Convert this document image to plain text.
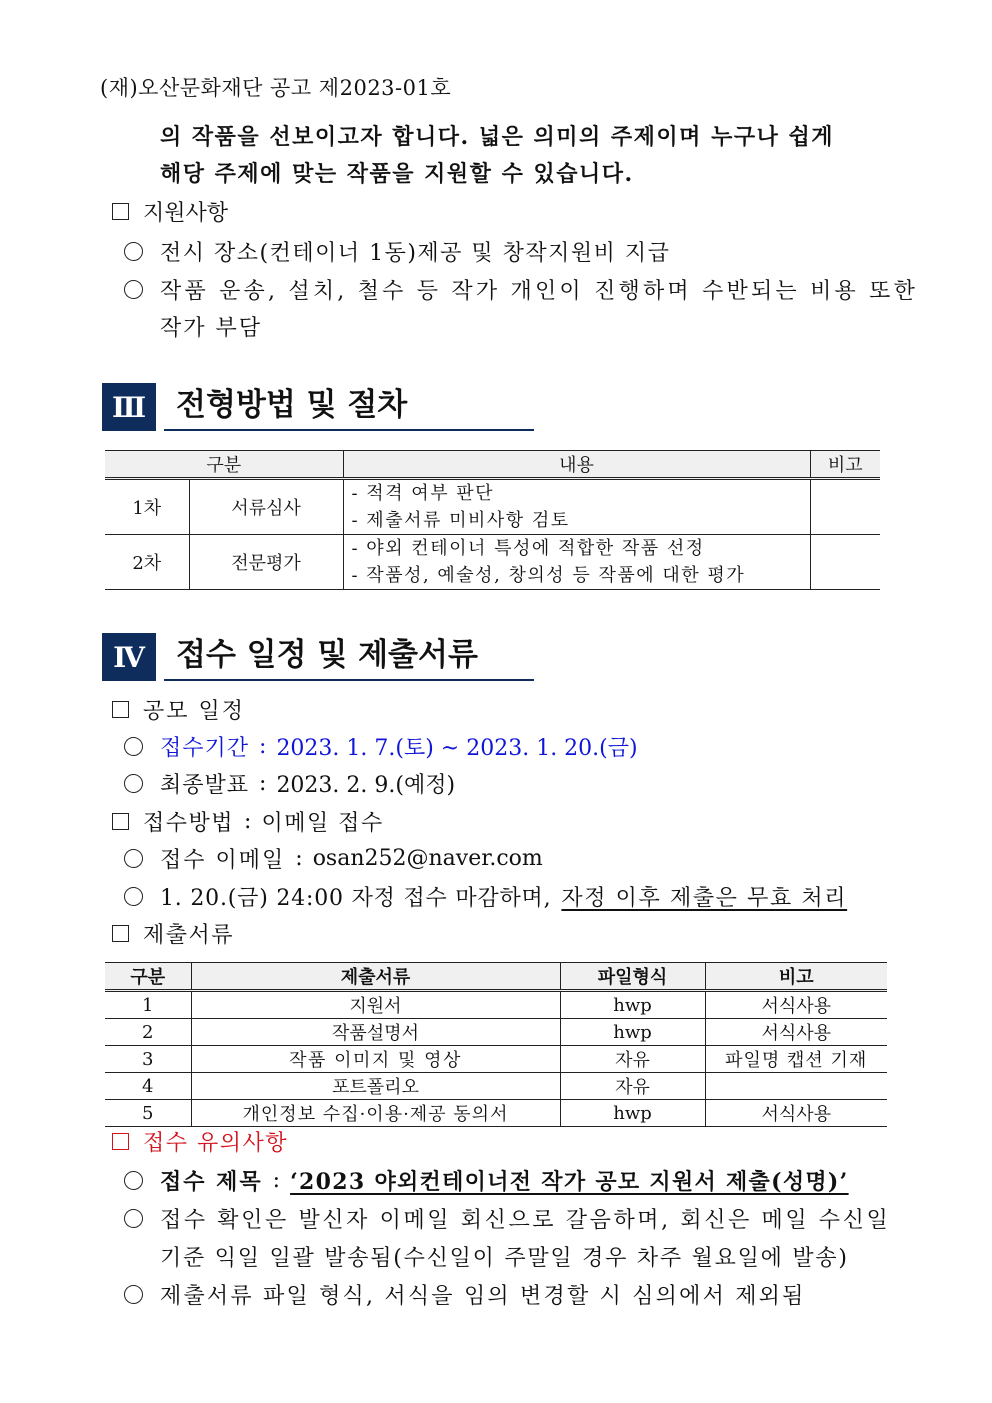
(재)오산문화재단 공고 제2023-01호
의 작품을 선보이고자 합니다. 넓은 의미의 주제이며 누구나 쉽게
해당 주제에 맞는 작품을 지원할 수 있습니다.
지원사항
전시 장소(컨테이너 1동)제공 및 창작지원비 지급
작품 운송, 설치, 철수 등 작가 개인이 진행하며 수반되는 비용 또한
작가 부담
Ⅲ 전형방법 및 절차
구분		내용	비고
1차	서류심사	- 적격 여부 판단
- 제출서류 미비사항 검토	

2차	전문평가	- 야외 컨테이너 특성에 적합한 작품 선정
- 작품성, 예술성, 창의성 등 작품에 대한 평가	

Ⅳ	접수 일정 및 제출서류
공모 일정
접수기간 : 2023. 1. 7.(토) ~ 2023. 1. 20.(금)
최종발표 : 2023. 2. 9.(예정)
접수방법 : 이메일 접수
접수 이메일 : osan252@naver.com
1. 20.(금) 24:00 자정 접수 마감하며, 자정 이후 제출은 무효 처리
제출서류
구분	제출서류	파일형식	비고
1	지원서	hwp	서식사용
2	작품설명서	hwp	서식사용
3	작품 이미지 및 영상	자유	파일명 캡션 기재
4	포트폴리오	자유	
5	개인정보 수집·이용·제공 동의서	hwp	서식사용
접수 유의사항
접수 제목 : ‘2023 야외컨테이너전 작가 공모 지원서 제출(성명)’
접수 확인은 발신자 이메일 회신으로 갈음하며, 회신은 메일 수신일
기준 익일 일괄 발송됨(수신일이 주말일 경우 차주 월요일에 발송)
제출서류 파일 형식, 서식을 임의 변경할 시 심의에서 제외됨
